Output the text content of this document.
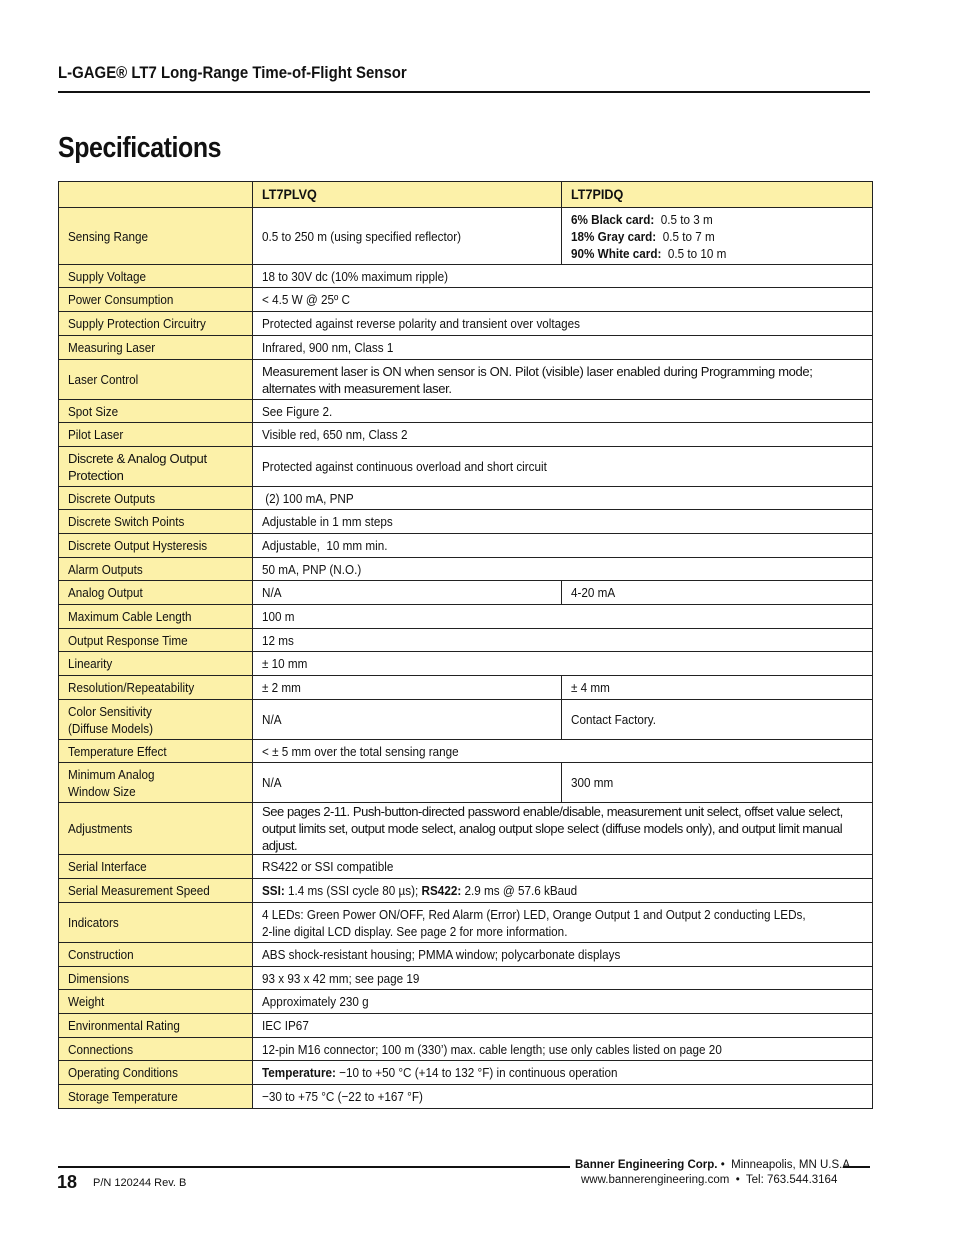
L-GAGE® LT7 Long-Range Time-of-Flight Sensor
Specifications
	LT7PLVQ	LT7PIDQ
Sensing Range	0.5 to 250 m (using specified reflector)	6% Black card: 0.5 to 3 m
18% Gray card: 0.5 to 7 m
90% White card: 0.5 to 10 m
Supply Voltage	18 to 30V dc (10% maximum ripple)	
Power Consumption	< 4.5 W @ 25º C	
Supply Protection Circuitry	Protected against reverse polarity and transient over voltages	
Measuring Laser	Infrared, 900 nm, Class 1	
Laser Control	Measurement laser is ON when sensor is ON. Pilot (visible) laser enabled during Programming mode; alternates with measurement laser.	
Spot Size	See Figure 2.	
Pilot Laser	Visible red, 650 nm, Class 2	
Discrete & Analog Output Protection	Protected against continuous overload and short circuit	
Discrete Outputs	(2) 100 mA, PNP	
Discrete Switch Points	Adjustable in 1 mm steps	
Discrete Output Hysteresis	Adjustable,  10 mm min.	
Alarm Outputs	50 mA, PNP (N.O.)	
Analog Output	N/A	4-20 mA
Maximum Cable Length	100 m	
Output Response Time	12 ms	
Linearity	± 10 mm	
Resolution/Repeatability	± 2 mm	± 4 mm
Color Sensitivity
(Diffuse Models)	N/A	Contact Factory.
Temperature Effect	< ± 5 mm over the total sensing range	
Minimum Analog
Window Size	N/A	300 mm
Adjustments	See pages 2-11. Push-button-directed password enable/disable, measurement unit select, offset value select, output limits set, output mode select, analog output slope select (diffuse models only), and output limit manual adjust.	
Serial Interface	RS422 or SSI compatible	
Serial Measurement Speed	SSI: 1.4 ms (SSI cycle 80 µs); RS422: 2.9 ms @ 57.6 kBaud	
Indicators	4 LEDs: Green Power ON/OFF, Red Alarm (Error) LED, Orange Output 1 and Output 2 conducting LEDs,
2-line digital LCD display. See page 2 for more information.	
Construction	ABS shock-resistant housing; PMMA window; polycarbonate displays	
Dimensions	93 x 93 x 42 mm; see page 19	
Weight	Approximately 230 g	
Environmental Rating	IEC IP67	
Connections	12-pin M16 connector; 100 m (330’) max. cable length; use only cables listed on page 20	
Operating Conditions	Temperature: −10 to +50 °C (+14 to 132 °F) in continuous operation	
Storage Temperature	−30 to +75 °C (−22 to +167 °F)	
18 P/N 120244 Rev. B
Banner Engineering Corp. •  Minneapolis, MN U.S.A
www.bannerengineering.com  •  Tel: 763.544.3164
